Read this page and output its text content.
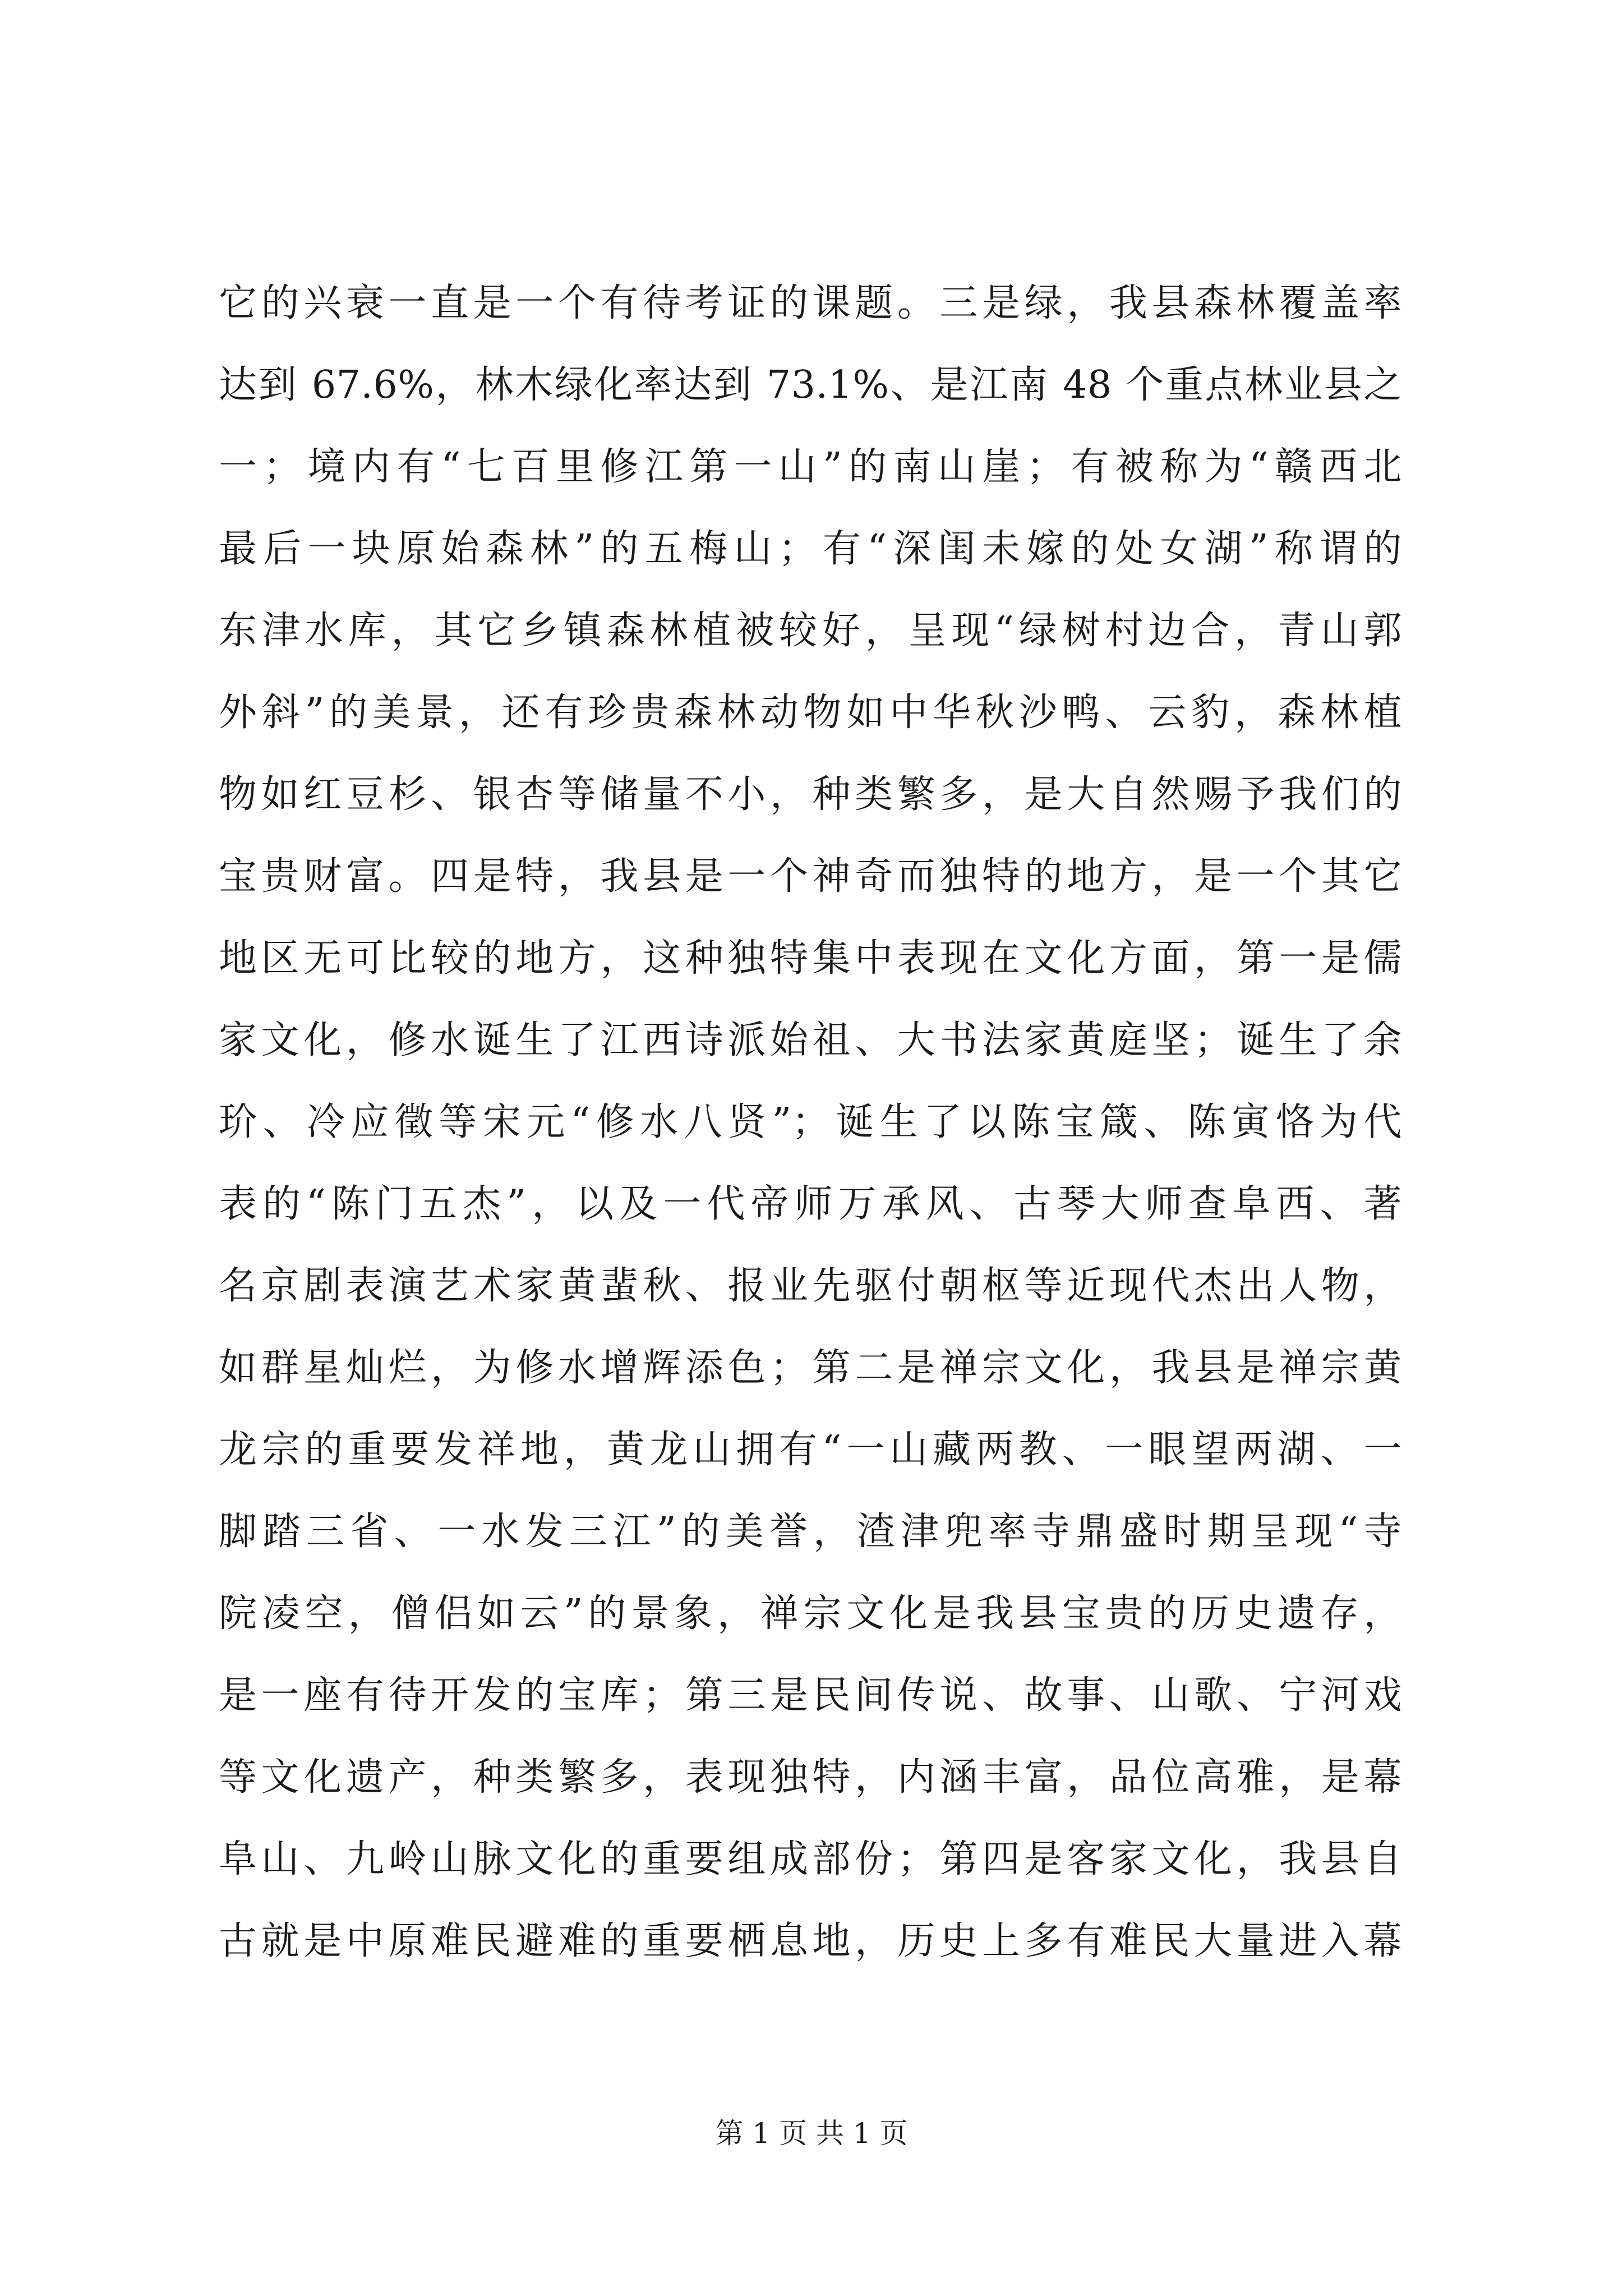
它的兴衰一直是一个有待考证的课题。三是绿，我县森林覆盖率
达到 67.6%，林木绿化率达到 73.1%、是江南 48 个重点林业县之
一；境内有“七百里修江第一山”的南山崖；有被称为“赣西北
最后一块原始森林”的五梅山；有“深闺未嫁的处女湖”称谓的
东津水库，其它乡镇森林植被较好，呈现“绿树村边合，青山郭
外斜”的美景，还有珍贵森林动物如中华秋沙鸭、云豹，森林植
物如红豆杉、银杏等储量不小，种类繁多，是大自然赐予我们的
宝贵财富。四是特，我县是一个神奇而独特的地方，是一个其它
地区无可比较的地方，这种独特集中表现在文化方面，第一是儒
家文化，修水诞生了江西诗派始祖、大书法家黄庭坚；诞生了余
玠、冷应徵等宋元“修水八贤”；诞生了以陈宝箴、陈寅恪为代
表的“陈门五杰”，以及一代帝师万承风、古琴大师查阜西、著
名京剧表演艺术家黄蜚秋、报业先驱付朝枢等近现代杰出人物，
如群星灿烂，为修水增辉添色；第二是禅宗文化，我县是禅宗黄
龙宗的重要发祥地，黄龙山拥有“一山藏两教、一眼望两湖、一
脚踏三省、一水发三江”的美誉，渣津兜率寺鼎盛时期呈现“寺
院凌空，僧侣如云”的景象，禅宗文化是我县宝贵的历史遗存，
是一座有待开发的宝库；第三是民间传说、故事、山歌、宁河戏
等文化遗产，种类繁多，表现独特，内涵丰富，品位高雅，是幕
阜山、九岭山脉文化的重要组成部份；第四是客家文化，我县自
古就是中原难民避难的重要栖息地，历史上多有难民大量进入幕
第 1 页 共 1 页
